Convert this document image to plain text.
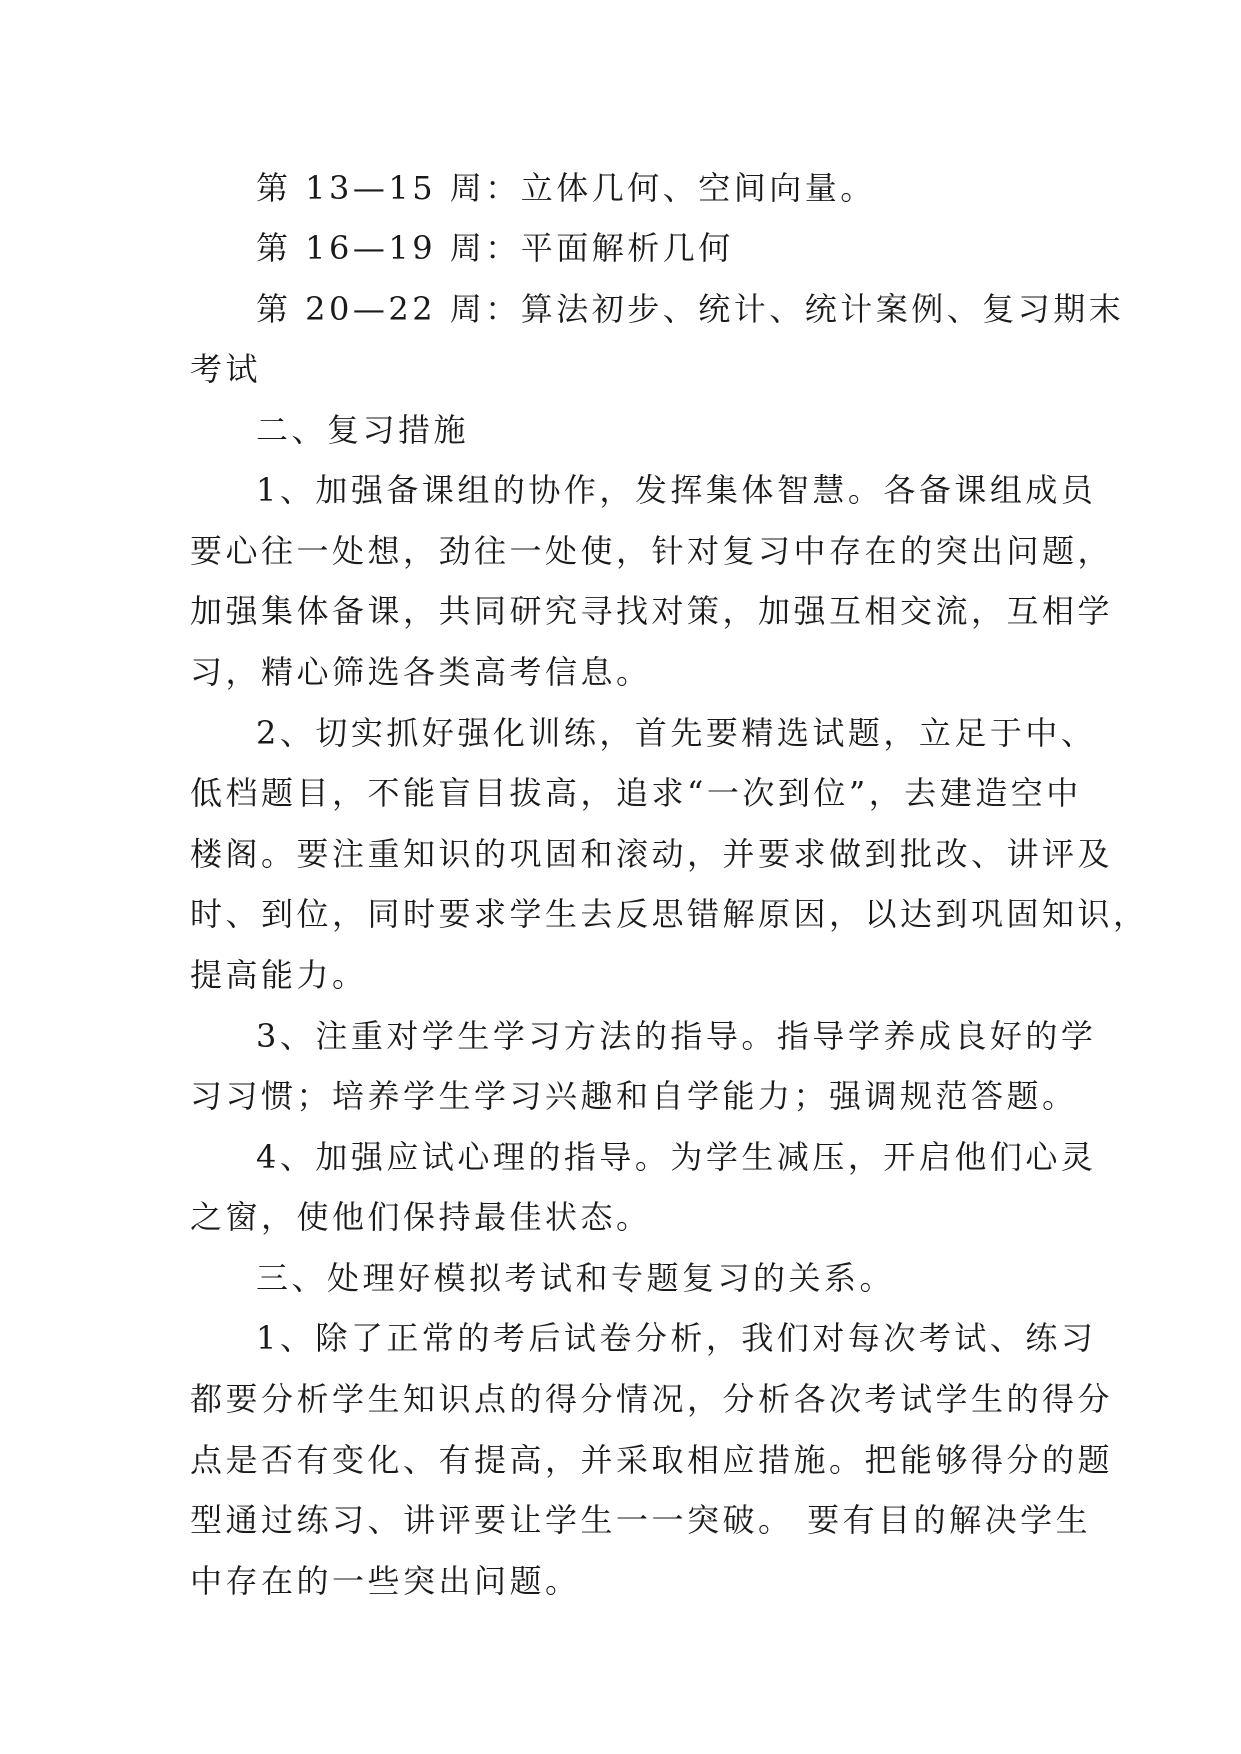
第 13—15 周：立体几何、空间向量。

第 16—19 周：平面解析几何

第 20—22 周：算法初步、统计、统计案例、复习期末

考试

二、复习措施

1、加强备课组的协作，发挥集体智慧。各备课组成员

要心往一处想，劲往一处使，针对复习中存在的突出问题，

加强集体备课，共同研究寻找对策，加强互相交流，互相学

习，精心筛选各类高考信息。

2、切实抓好强化训练，首先要精选试题，立足于中、

低档题目，不能盲目拔高，追求“一次到位”，去建造空中

楼阁。要注重知识的巩固和滚动，并要求做到批改、讲评及

时、到位，同时要求学生去反思错解原因，以达到巩固知识，

提高能力。

3、注重对学生学习方法的指导。指导学养成良好的学

习习惯；培养学生学习兴趣和自学能力；强调规范答题。

4、加强应试心理的指导。为学生减压，开启他们心灵

之窗，使他们保持最佳状态。

三、处理好模拟考试和专题复习的关系。

1、除了正常的考后试卷分析，我们对每次考试、练习

都要分析学生知识点的得分情况，分析各次考试学生的得分

点是否有变化、有提高，并采取相应措施。把能够得分的题

型通过练习、讲评要让学生一一突破。 要有目的解决学生

中存在的一些突出问题。
